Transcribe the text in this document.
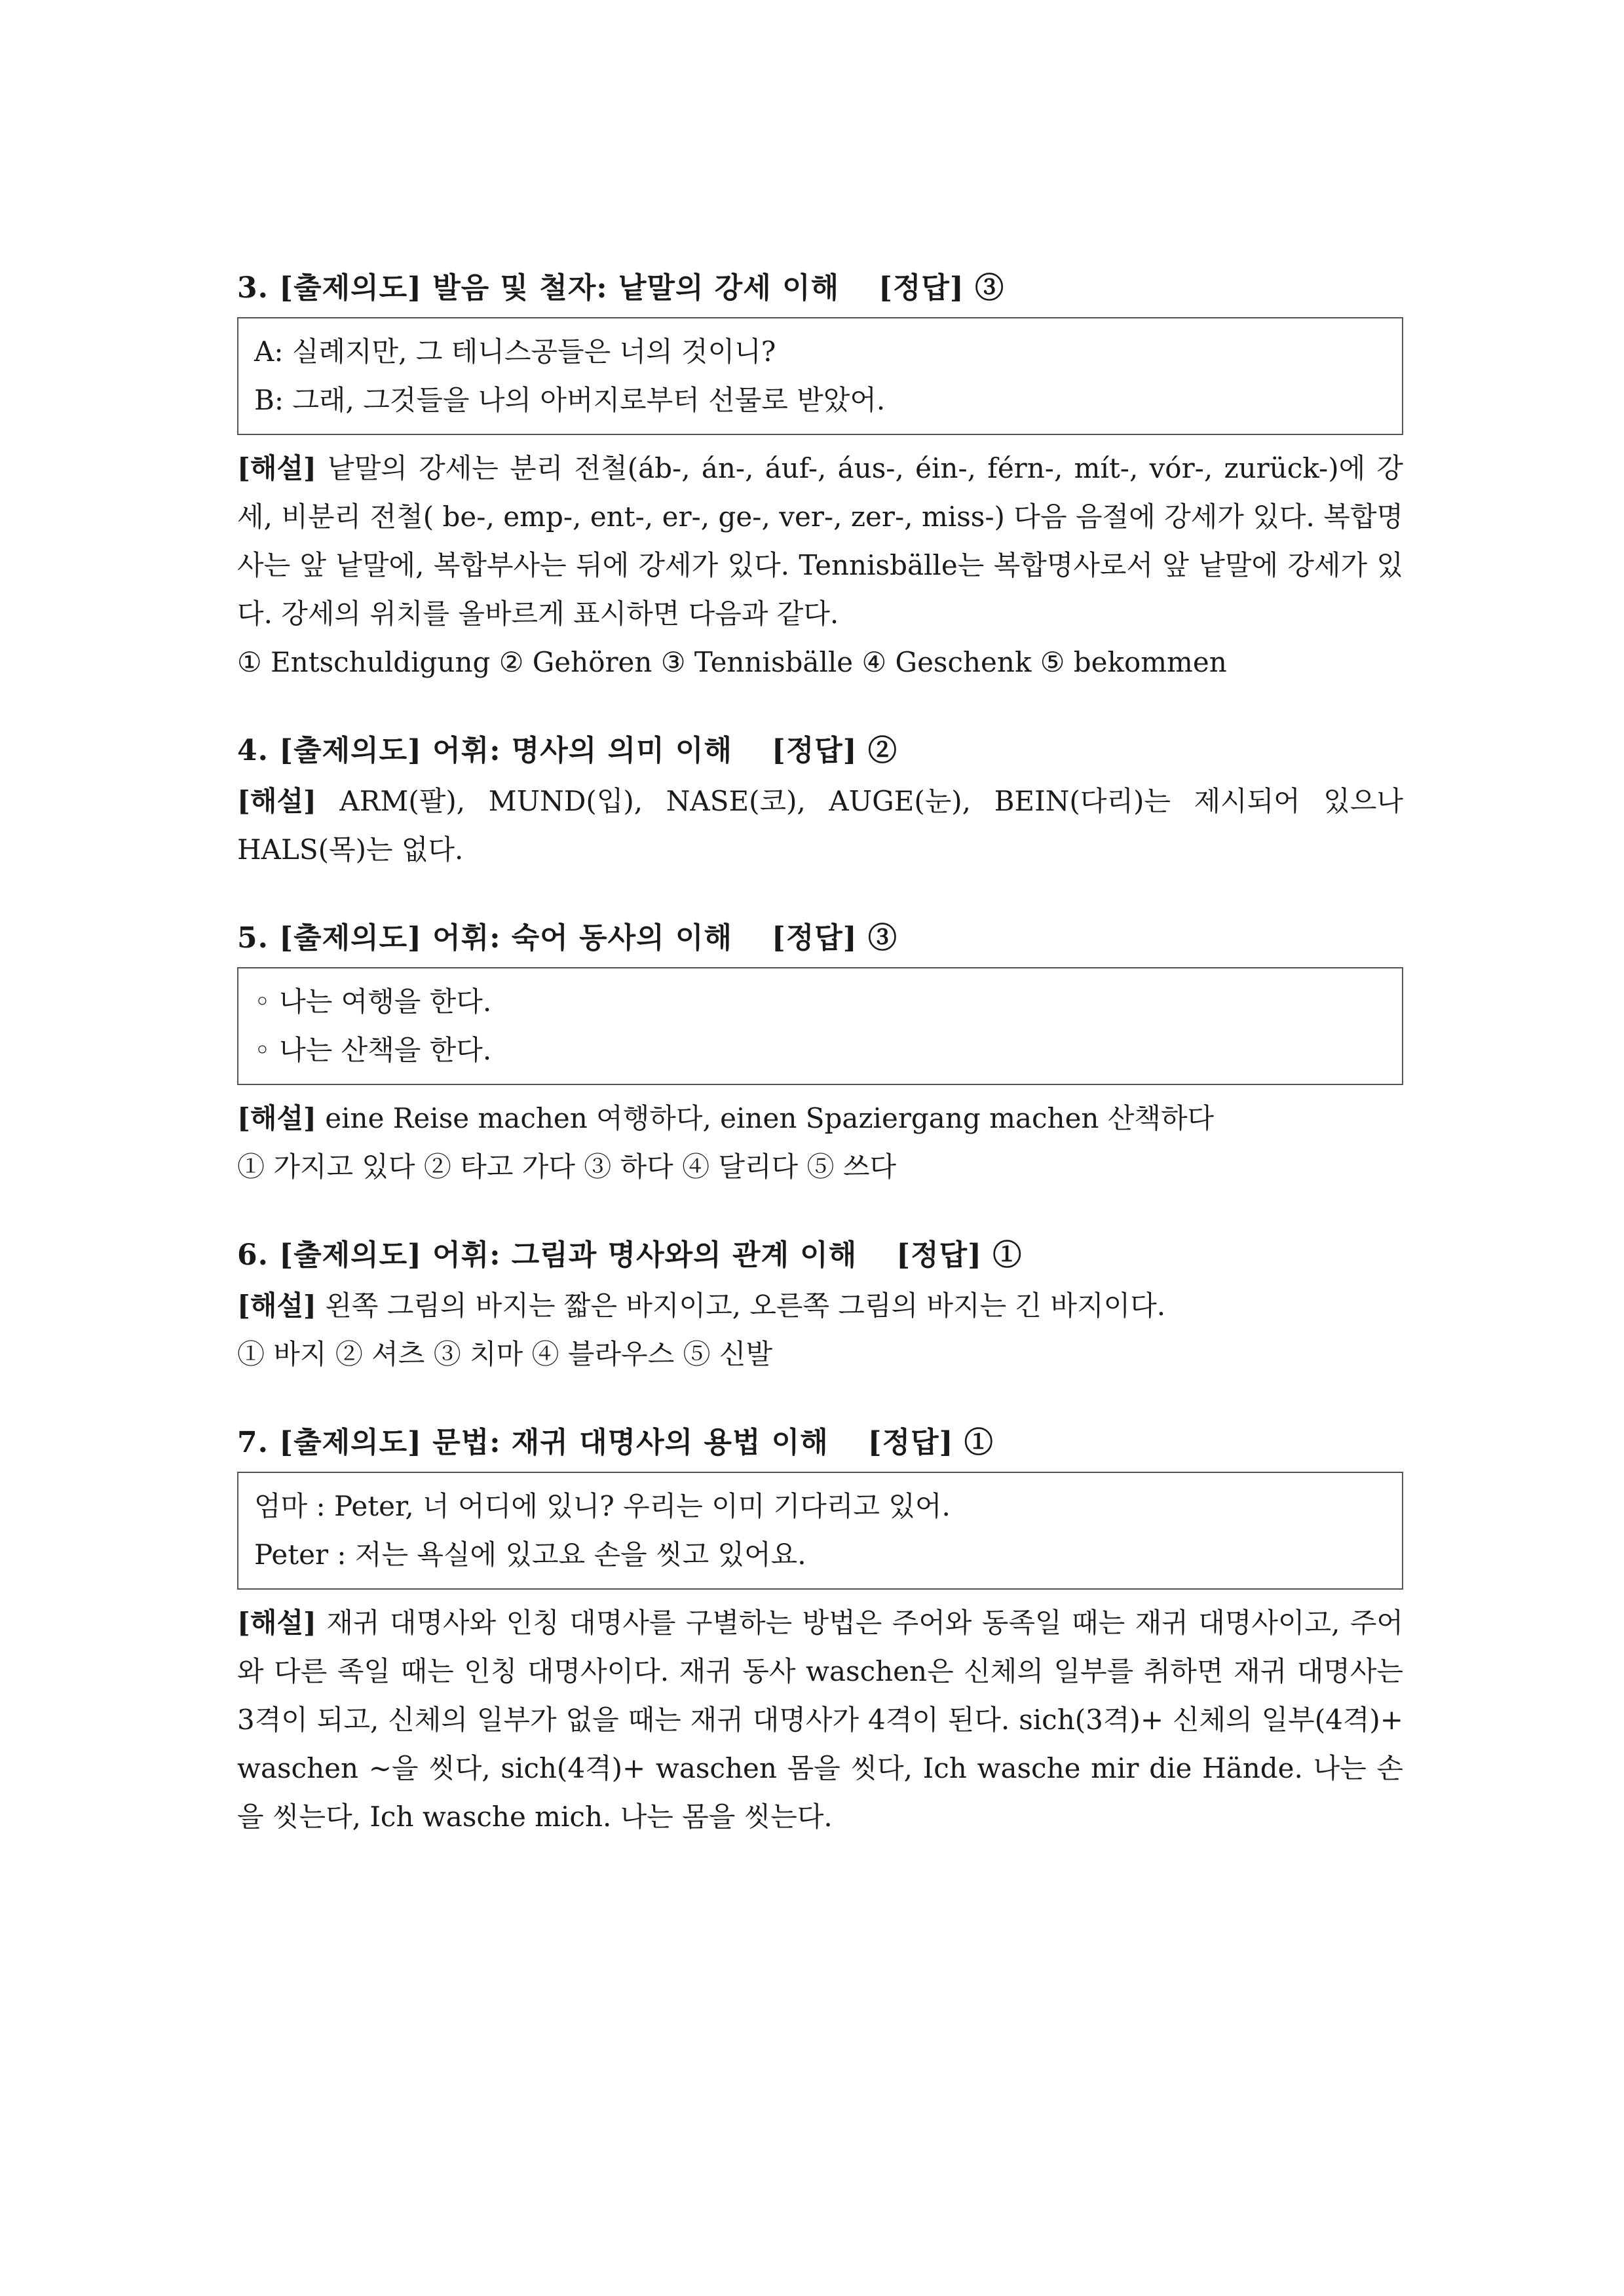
3. [출제의도] 발음 및 철자: 낱말의 강세 이해 [정답] ③
A: 실례지만, 그 테니스공들은 너의 것이니?
B: 그래, 그것들을 나의 아버지로부터 선물로 받았어.

[해설] 낱말의 강세는 분리 전철(áb-, án-, áuf-, áus-, éin-, férn-, mít-, vór-, zurück-)에 강세, 비분리 전철( be-, emp-, ent-, er-, ge-, ver-, zer-, miss-) 다음 음절에 강세가 있다. 복합명사는 앞 낱말에, 복합부사는 뒤에 강세가 있다. Tennisbälle는 복합명사로서 앞 낱말에 강세가 있다. 강세의 위치를 올바르게 표시하면 다음과 같다.

① Entschuldigung ② Gehören ③ Tennisbälle ④ Geschenk ⑤ bekommen

4. [출제의도] 어휘: 명사의 의미 이해 [정답] ②

[해설] ARM(팔), MUND(입), NASE(코), AUGE(눈), BEIN(다리)는 제시되어 있으나 HALS(목)는 없다.

5. [출제의도] 어휘: 숙어 동사의 이해 [정답] ③
◦ 나는 여행을 한다.
◦ 나는 산책을 한다.

[해설] eine Reise machen 여행하다, einen Spaziergang machen 산책하다

① 가지고 있다 ② 타고 가다 ③ 하다 ④ 달리다 ⑤ 쓰다

6. [출제의도] 어휘: 그림과 명사와의 관계 이해 [정답] ①

[해설] 왼쪽 그림의 바지는 짧은 바지이고, 오른쪽 그림의 바지는 긴 바지이다.

① 바지 ② 셔츠 ③ 치마 ④ 블라우스 ⑤ 신발

7. [출제의도] 문법: 재귀 대명사의 용법 이해 [정답] ①
엄마 : Peter, 너 어디에 있니? 우리는 이미 기다리고 있어.
Peter : 저는 욕실에 있고요 손을 씻고 있어요.

[해설] 재귀 대명사와 인칭 대명사를 구별하는 방법은 주어와 동족일 때는 재귀 대명사이고, 주어와 다른 족일 때는 인칭 대명사이다. 재귀 동사 waschen은 신체의 일부를 취하면 재귀 대명사는 3격이 되고, 신체의 일부가 없을 때는 재귀 대명사가 4격이 된다. sich(3격)+ 신체의 일부(4격)+ waschen ~을 씻다, sich(4격)+ waschen 몸을 씻다, Ich wasche mir die Hände. 나는 손을 씻는다, Ich wasche mich. 나는 몸을 씻는다.
